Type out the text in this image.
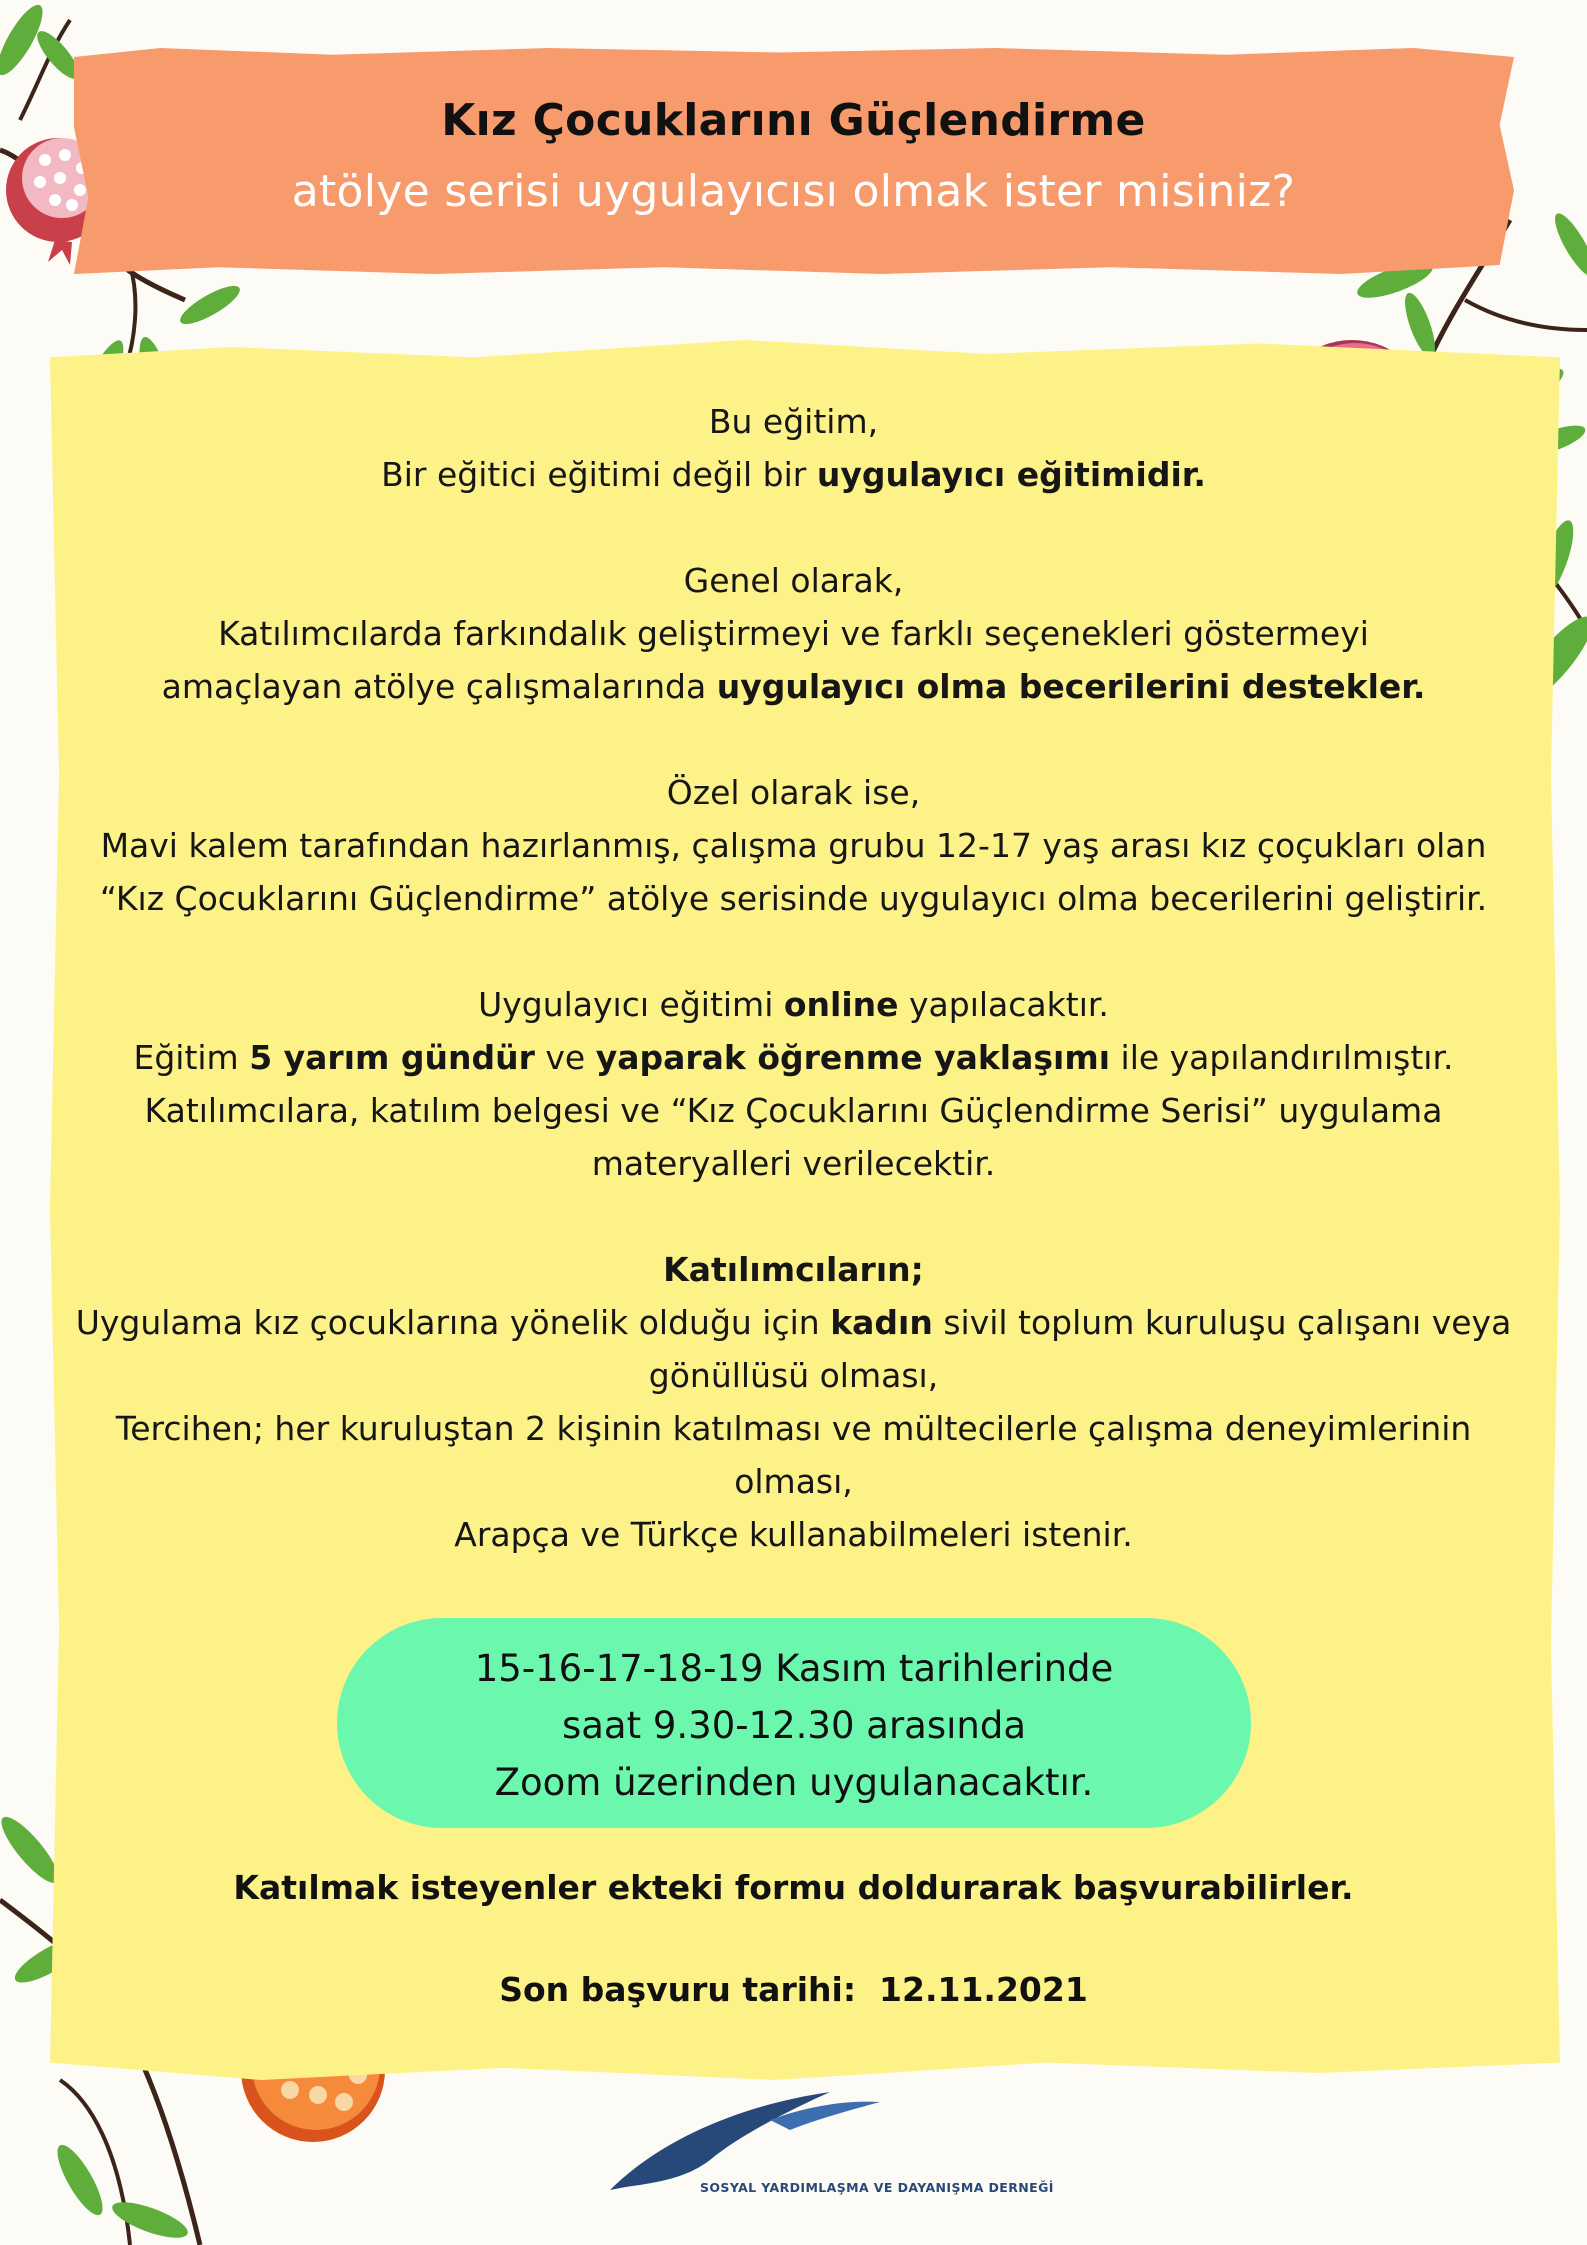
Kız Çocuklarını Güçlendirme
atölye serisi uygulayıcısı olmak ister misiniz?

Bu eğitim,

Bir eğitici eğitimi değil bir uygulayıcı eğitimidir.

Genel olarak,

Katılımcılarda farkındalık geliştirmeyi ve farklı seçenekleri göstermeyi

amaçlayan atölye çalışmalarında uygulayıcı olma becerilerini destekler.

Özel olarak ise,

Mavi kalem tarafından hazırlanmış, çalışma grubu 12-17 yaş arası kız çoçukları olan

“Kız Çocuklarını Güçlendirme” atölye serisinde uygulayıcı olma becerilerini geliştirir.

Uygulayıcı eğitimi online yapılacaktır.

Eğitim 5 yarım gündür ve yaparak öğrenme yaklaşımı ile yapılandırılmıştır.

Katılımcılara, katılım belgesi ve “Kız Çocuklarını Güçlendirme Serisi” uygulama

materyalleri verilecektir.

Katılımcıların;

Uygulama kız çocuklarına yönelik olduğu için kadın sivil toplum kuruluşu çalışanı veya

gönüllüsü olması,

Tercihen; her kuruluştan 2 kişinin katılması ve mültecilerle çalışma deneyimlerinin

olması,

Arapça ve Türkçe kullanabilmeleri istenir.

15-16-17-18-19 Kasım tarihlerinde

saat 9.30-12.30 arasında

Zoom üzerinden uygulanacaktır.

Katılmak isteyenler ekteki formu doldurarak başvurabilirler.
Son başvuru tarihi: 12.11.2021
SOSYAL YARDIMLAŞMA VE DAYANIŞMA DERNEĞİ
